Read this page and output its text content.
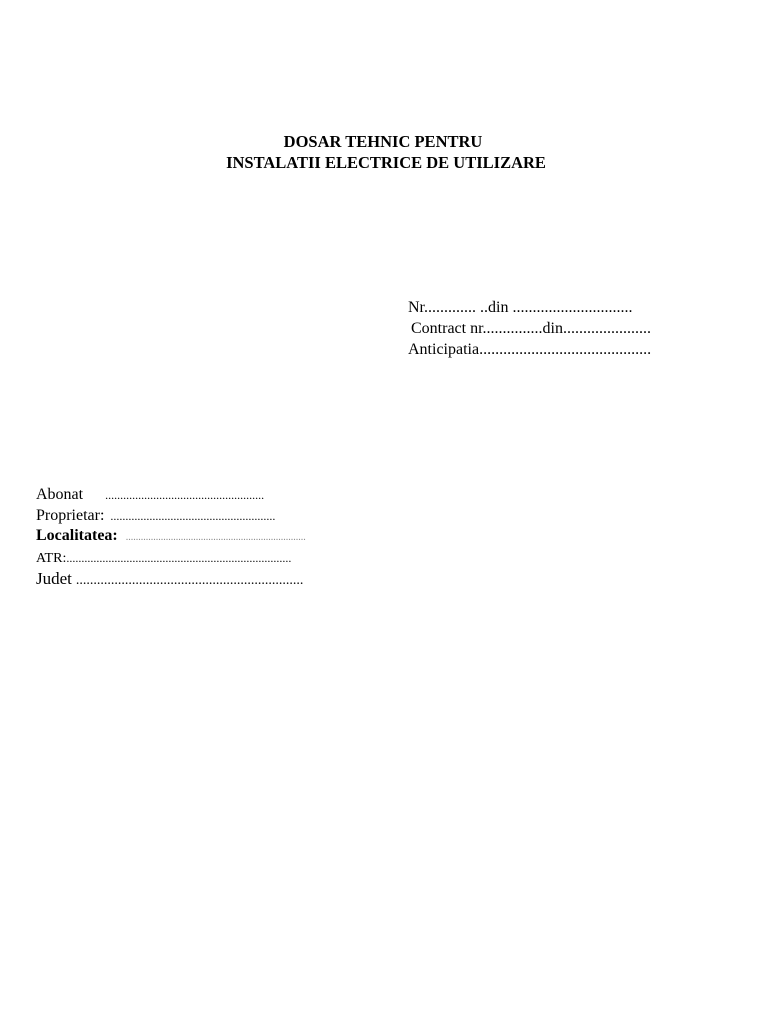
DOSAR TEHNIC PENTRU
INSTALATII ELECTRICE DE UTILIZARE
Nr............. ..din ..............................
Contract nr...............din......................
Anticipatia...........................................
Abonat .....................................................
Proprietar: .......................................................
Localitatea: ........................................................................
ATR:...........................................................................
Judet .................................................................
